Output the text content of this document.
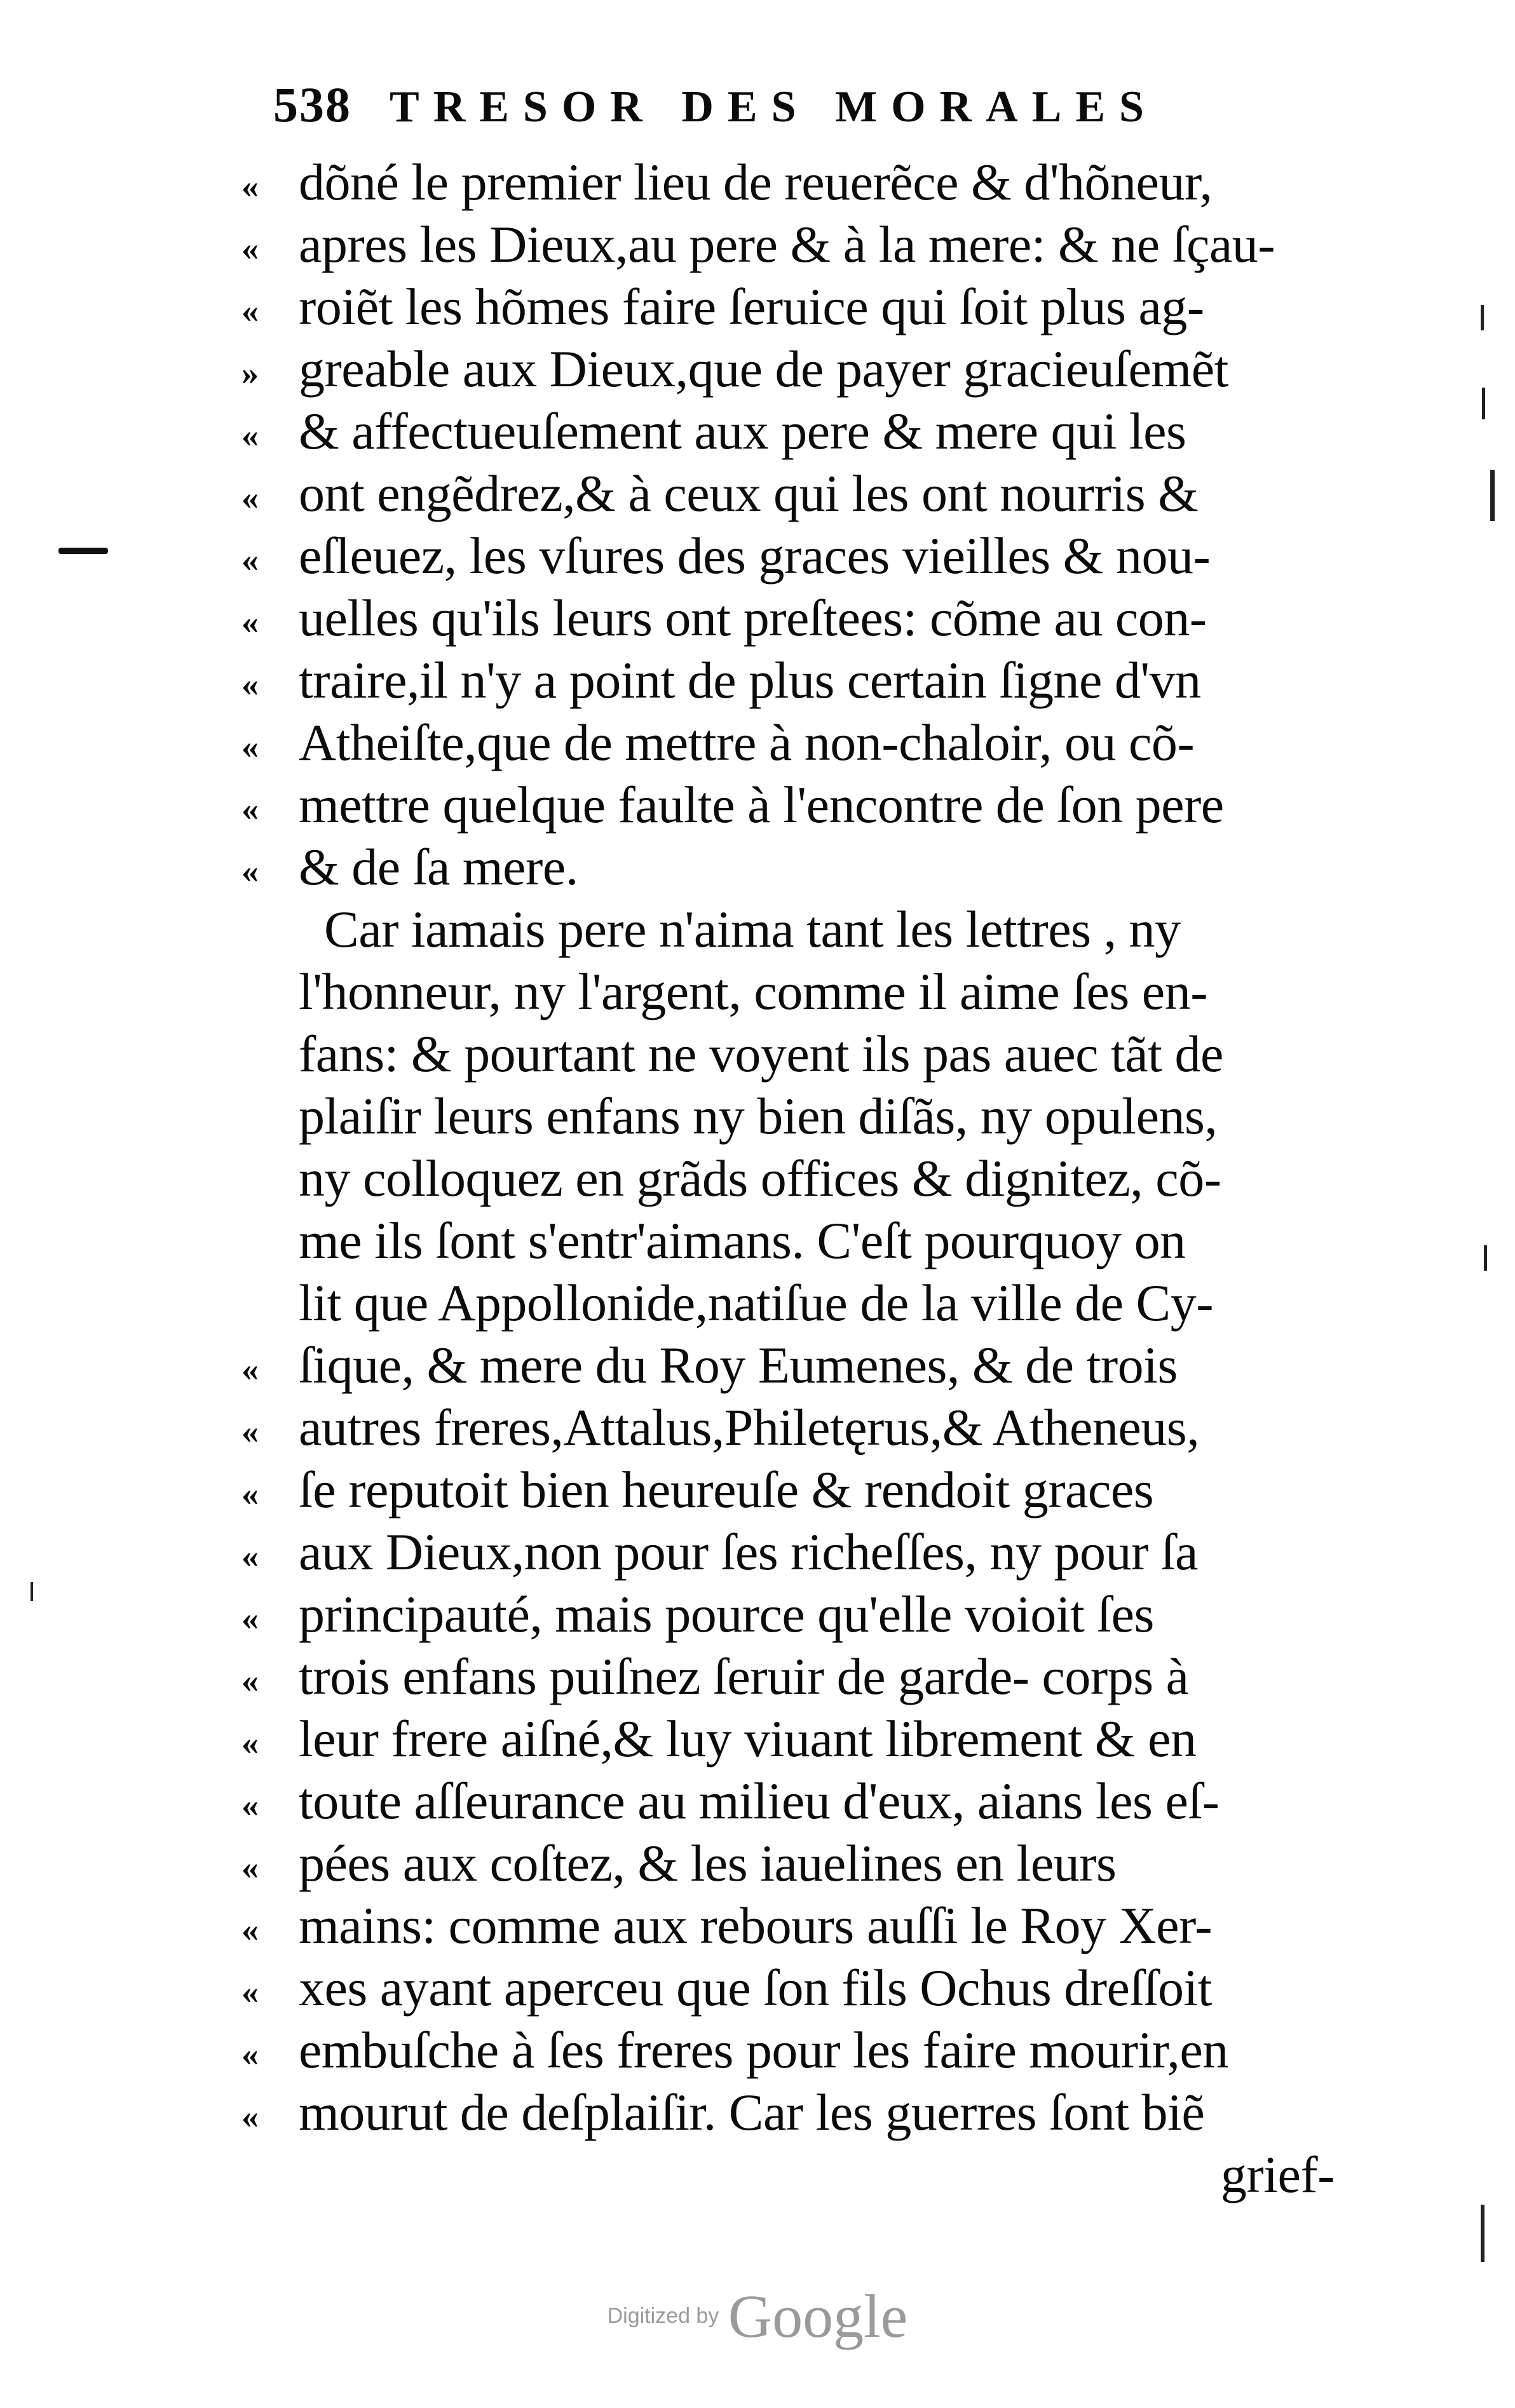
538 TRESOR DES MORALES
« dõné le premier lieu de reuerẽce & d'hõneur,
« apres les Dieux,au pere & à la mere: & ne ſçau-
« roiẽt les hõmes faire ſeruice qui ſoit plus ag-
» greable aux Dieux,que de payer gracieuſemẽt
« & affectueuſement aux pere & mere qui les
« ont engẽdrez,& à ceux qui les ont nourris &
« eſleuez, les vſures des graces vieilles & nou-
« uelles qu'ils leurs ont preſtees: cõme au con-
« traire,il n'y a point de plus certain ſigne d'vn
« Atheiſte,que de mettre à non-chaloir, ou cõ-
« mettre quelque faulte à l'encontre de ſon pere
« & de ſa mere.
Car iamais pere n'aima tant les lettres , ny
l'honneur, ny l'argent, comme il aime ſes en-
fans: & pourtant ne voyent ils pas auec tãt de
plaiſir leurs enfans ny bien diſãs, ny opulens,
ny colloquez en grãds offices & dignitez, cõ-
me ils ſont s'entr'aimans. C'eſt pourquoy on
lit que Appollonide,natiſue de la ville de Cy-
« ſique, & mere du Roy Eumenes, & de trois
« autres freres,Attalus,Philetęrus,& Atheneus,
« ſe reputoit bien heureuſe & rendoit graces
« aux Dieux,non pour ſes richeſſes, ny pour ſa
« principauté, mais pource qu'elle voioit ſes
« trois enfans puiſnez ſeruir de garde- corps à
« leur frere aiſné,& luy viuant librement & en
« toute aſſeurance au milieu d'eux, aians les eſ-
« pées aux coſtez, & les iauelines en leurs
« mains: comme aux rebours auſſi le Roy Xer-
« xes ayant aperceu que ſon fils Ochus dreſſoit
« embuſche à ſes freres pour les faire mourir,en
« mourut de deſplaiſir. Car les guerres ſont biẽ
grief-
Digitized by Google
